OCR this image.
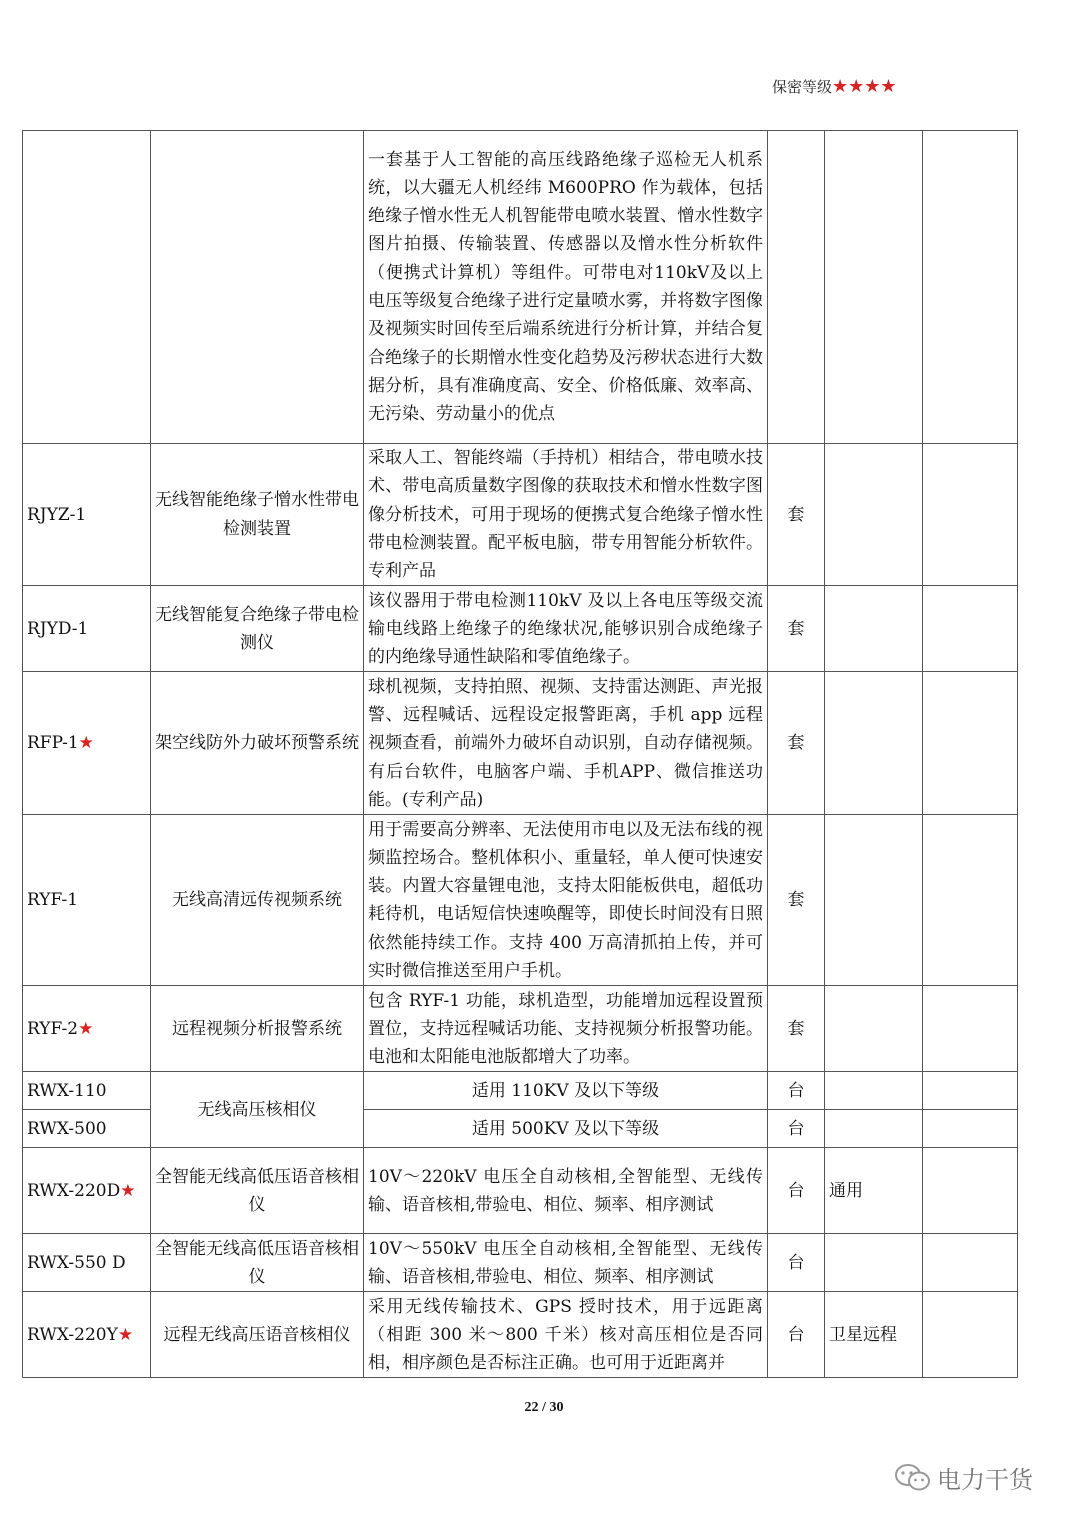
保密等级★★★★
		一套基于人工智能的高压线路绝缘子巡检无人机系统，以大疆无人机经纬 M600PRO 作为载体，包括绝缘子憎水性无人机智能带电喷水装置、憎水性数字图片拍摄、传输装置、传感器以及憎水性分析软件（便携式计算机）等组件。可带电对110kV及以上电压等级复合绝缘子进行定量喷水雾，并将数字图像及视频实时回传至后端系统进行分析计算，并结合复合绝缘子的长期憎水性变化趋势及污秽状态进行大数据分析，具有准确度高、安全、价格低廉、效率高、无污染、劳动量小的优点			
RJYZ-1	无线智能绝缘子憎水性带电检测装置	采取人工、智能终端（手持机）相结合，带电喷水技术、带电高质量数字图像的获取技术和憎水性数字图像分析技术，可用于现场的便携式复合绝缘子憎水性带电检测装置。配平板电脑，带专用智能分析软件。专利产品	套		
RJYD-1	无线智能复合绝缘子带电检测仪	该仪器用于带电检测110kV 及以上各电压等级交流输电线路上绝缘子的绝缘状况,能够识别合成绝缘子的内绝缘导通性缺陷和零值绝缘子。	套		
RFP-1★	架空线防外力破坏预警系统	球机视频，支持拍照、视频、支持雷达测距、声光报警、远程喊话、远程设定报警距离，手机 app 远程视频查看，前端外力破坏自动识别，自动存储视频。有后台软件，电脑客户端、手机APP、微信推送功能。(专利产品)	套		
RYF-1	无线高清远传视频系统	用于需要高分辨率、无法使用市电以及无法布线的视频监控场合。整机体积小、重量轻，单人便可快速安装。内置大容量锂电池，支持太阳能板供电，超低功耗待机，电话短信快速唤醒等，即使长时间没有日照依然能持续工作。支持 400 万高清抓拍上传，并可实时微信推送至用户手机。	套		
RYF-2★	远程视频分析报警系统	包含 RYF-1 功能，球机造型，功能增加远程设置预置位，支持远程喊话功能、支持视频分析报警功能。电池和太阳能电池版都增大了功率。	套		
RWX-110	无线高压核相仪	适用 110KV 及以下等级	台		
RWX-500		适用 500KV 及以下等级	台		
RWX-220D★	全智能无线高低压语音核相仪	10V～220kV 电压全自动核相,全智能型、无线传输、语音核相,带验电、相位、频率、相序测试	台	通用	
RWX-550 D	全智能无线高低压语音核相仪	10V～550kV 电压全自动核相,全智能型、无线传输、语音核相,带验电、相位、频率、相序测试	台		
RWX-220Y★	远程无线高压语音核相仪	采用无线传输技术、GPS 授时技术，用于远距离（相距 300 米～800 千米）核对高压相位是否同相，相序颜色是否标注正确。也可用于近距离并	台	卫星远程	
22 / 30
电力干货
